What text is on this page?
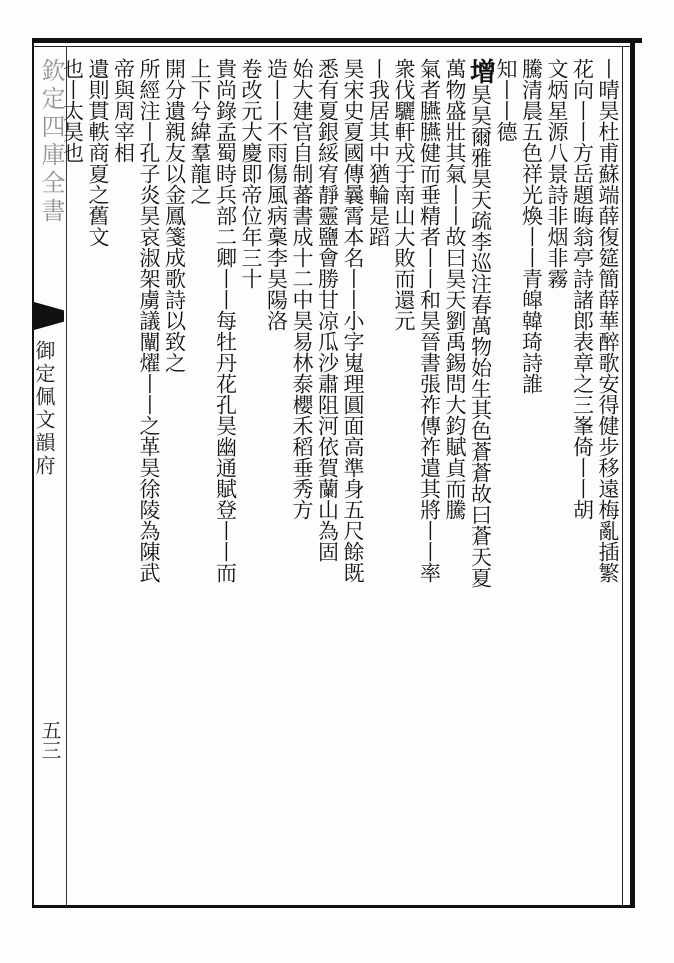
欽定四庫全書
御定佩文韻府
五三
丨晴昊杜甫蘇端薛復筵簡薛華醉歌安得健步移遠梅亂插繁
花向丨丨方岳題晦翁亭詩諸郎表章之三峯倚丨丨胡
文炳星源八景詩非烟非霧
騰清晨五色祥光煥丨丨青皡韓琦詩誰
知丨丨德
增昊昊爾雅昊天疏李巡注春萬物始生其色蒼蒼故曰蒼天夏
萬物盛壯其氣丨丨故曰昊天劉禹錫問大鈞賦貞而騰
氣者臙臙健而垂精者丨丨和昊晉書張祚傳祚遣其將丨丨率
衆伐驪軒戎于南山大敗而還元
丨我居其中猶輪是蹈
昊宋史夏國傳曩霄本名丨丨小字嵬理圓面高準身五尺餘既
悉有夏銀綏宥靜靈鹽會勝甘凉瓜沙肅阻河依賀蘭山為固
始大建官自制蕃書成十二中昊易林泰櫻禾稻垂秀方
造丨丨不雨傷風病稾李昊陽洛
卷改元大慶即帝位年三十
貴尚錄孟蜀時兵部二卿丨丨每牡丹花孔昊幽通賦登丨丨而
上下兮緯羣龍之
開分遺親友以金鳳箋成歌詩以致之
所經注丨孔子炎昊哀淑架虜議闡燿丨丨之革昊徐陵為陳武
帝與周宰相
遺則貫軼商夏之舊文
也丨太昊也
